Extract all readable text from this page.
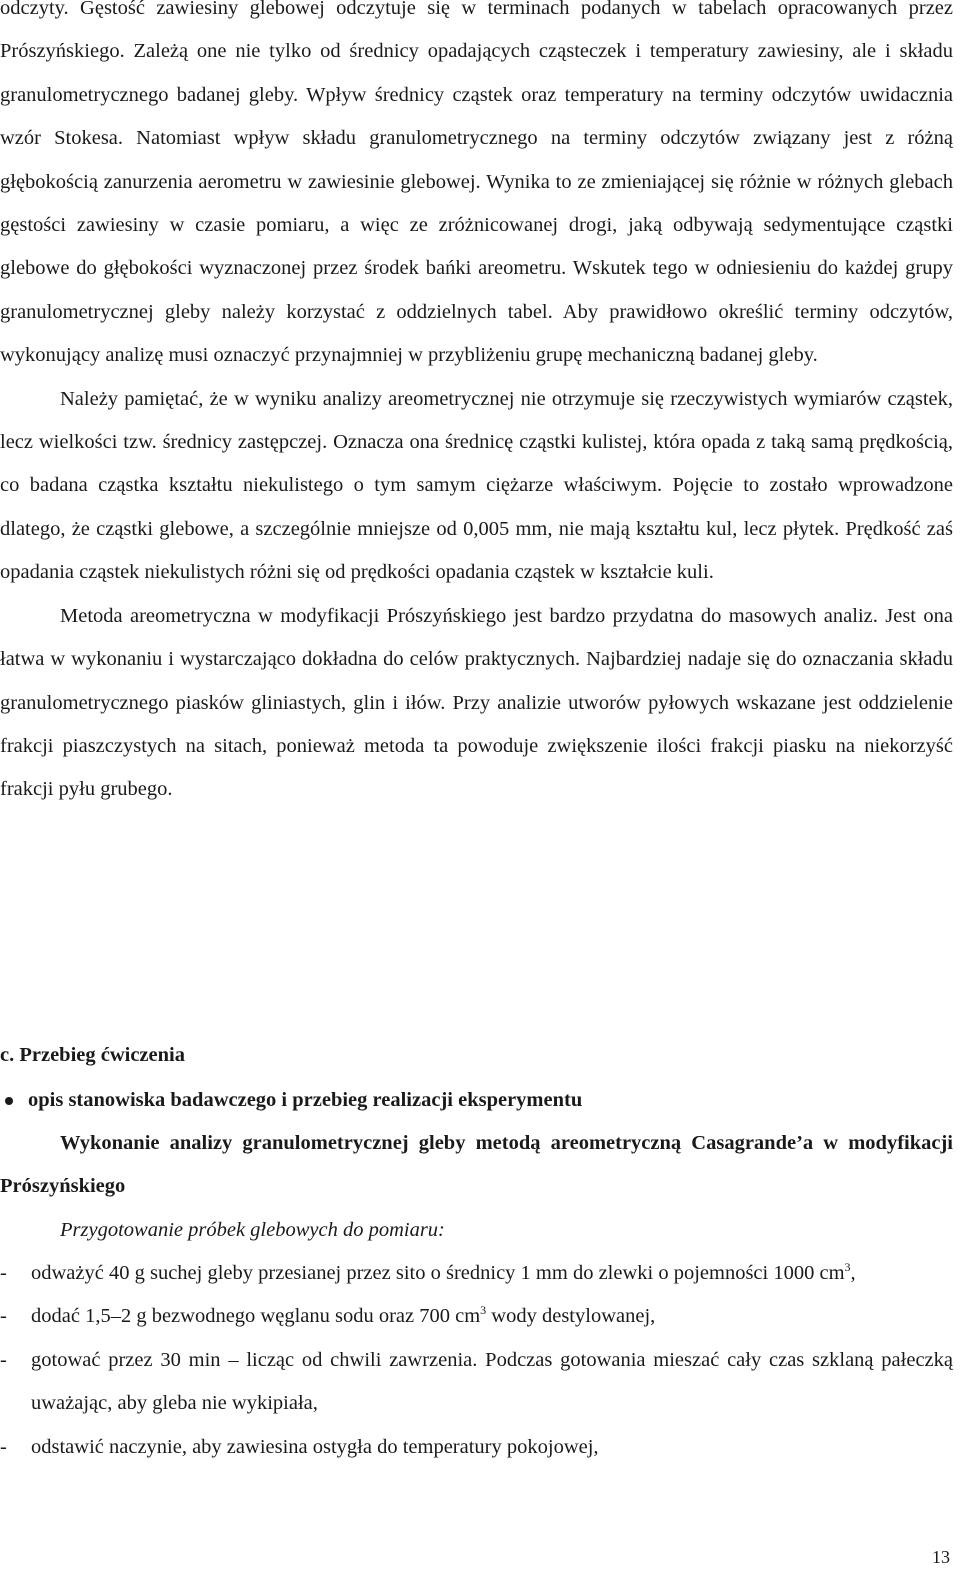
odczyty. Gęstość zawiesiny glebowej odczytuje się w terminach podanych w tabelach opracowanych przez Prószyńskiego. Zależą one nie tylko od średnicy opadających cząsteczek i temperatury zawiesiny, ale i składu granulometrycznego badanej gleby. Wpływ średnicy cząstek oraz temperatury na terminy odczytów uwidacznia wzór Stokesa. Natomiast wpływ składu granulometrycznego na terminy odczytów związany jest z różną głębokością zanurzenia aerometru w zawiesinie glebowej. Wynika to ze zmieniającej się różnie w różnych glebach gęstości zawiesiny w czasie pomiaru, a więc ze zróżnicowanej drogi, jaką odbywają sedymentujące cząstki glebowe do głębokości wyznaczonej przez środek bańki areometru. Wskutek tego w odniesieniu do każdej grupy granulometrycznej gleby należy korzystać z oddzielnych tabel. Aby prawidłowo określić terminy odczytów, wykonujący analizę musi oznaczyć przynajmniej w przybliżeniu grupę mechaniczną badanej gleby.

Należy pamiętać, że w wyniku analizy areometrycznej nie otrzymuje się rzeczywistych wymiarów cząstek, lecz wielkości tzw. średnicy zastępczej. Oznacza ona średnicę cząstki kulistej, która opada z taką samą prędkością, co badana cząstka kształtu niekulistego o tym samym ciężarze właściwym. Pojęcie to zostało wprowadzone dlatego, że cząstki glebowe, a szczególnie mniejsze od 0,005 mm, nie mają kształtu kul, lecz płytek. Prędkość zaś opadania cząstek niekulistych różni się od prędkości opadania cząstek w kształcie kuli.

Metoda areometryczna w modyfikacji Prószyńskiego jest bardzo przydatna do masowych analiz. Jest ona łatwa w wykonaniu i wystarczająco dokładna do celów praktycznych. Najbardziej nadaje się do oznaczania składu granulometrycznego piasków gliniastych, glin i iłów. Przy analizie utworów pyłowych wskazane jest oddzielenie frakcji piaszczystych na sitach, ponieważ metoda ta powoduje zwiększenie ilości frakcji piasku na niekorzyść frakcji pyłu grubego.

c. Przebieg ćwiczenia
opis stanowiska badawczego i przebieg realizacji eksperymentu
Wykonanie analizy granulometrycznej gleby metodą areometryczną Casagrande’a w modyfikacji Prószyńskiego
Przygotowanie próbek glebowych do pomiaru:
- odważyć 40 g suchej gleby przesianej przez sito o średnicy 1 mm do zlewki o pojemności 1000 $cm^3$,
- dodać 1,5–2 g bezwodnego węglanu sodu oraz 700 $cm^3$ wody destylowanej,
- gotować przez 30 min – licząc od chwili zawrzenia. Podczas gotowania mieszać cały czas szklaną pałeczką uważając, aby gleba nie wykipiała,
- odstawić naczynie, aby zawiesina ostygła do temperatury pokojowej,
13
